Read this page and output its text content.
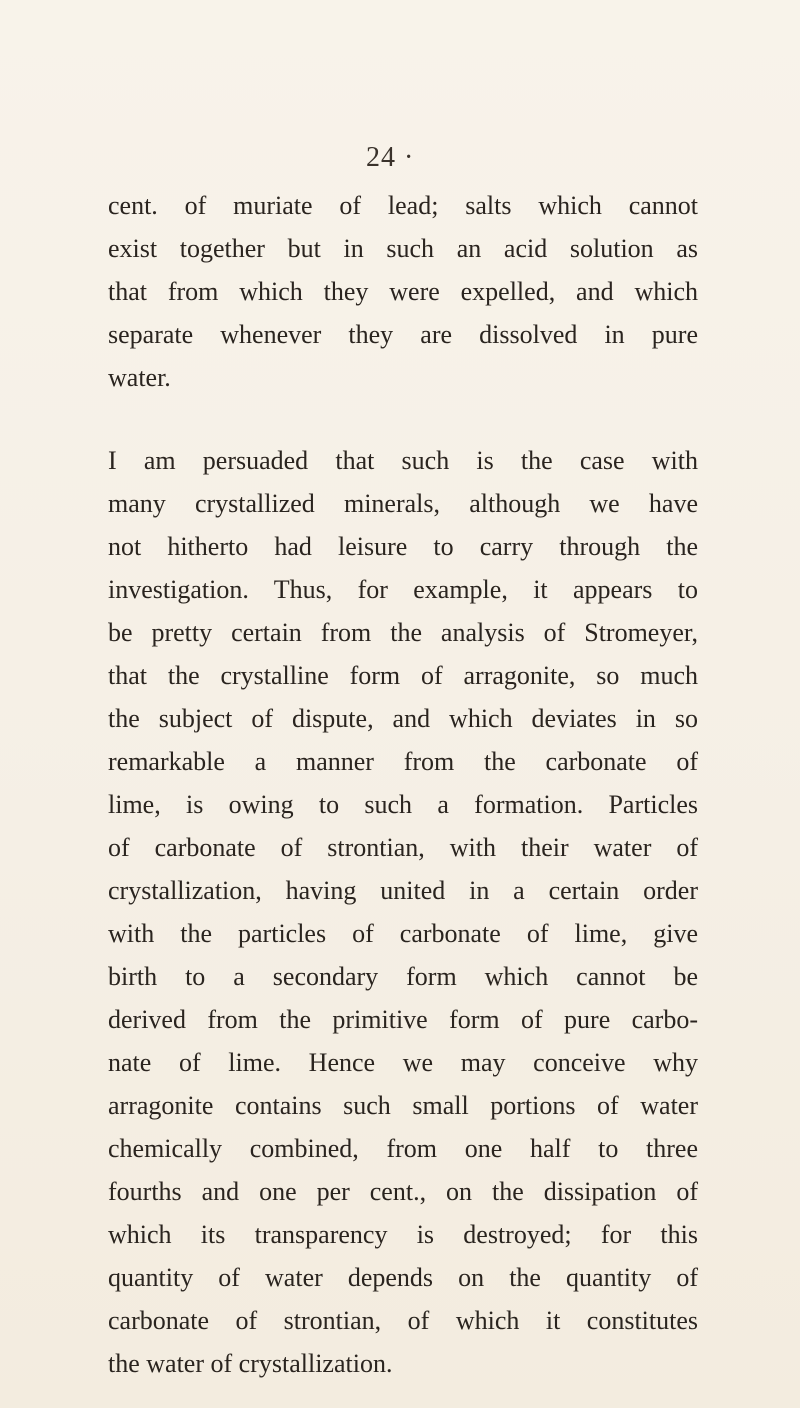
24 ·
cent. of muriate of lead; salts which cannot
exist together but in such an acid solution as
that from which they were expelled, and which
separate whenever they are dissolved in pure
water.
I am persuaded that such is the case with
many crystallized minerals, although we have
not hitherto had leisure to carry through the
investigation. Thus, for example, it appears to
be pretty certain from the analysis of Stromeyer,
that the crystalline form of arragonite, so much
the subject of dispute, and which deviates in so
remarkable a manner from the carbonate of
lime, is owing to such a formation. Particles
of carbonate of strontian, with their water of
crystallization, having united in a certain order
with the particles of carbonate of lime, give
birth to a secondary form which cannot be
derived from the primitive form of pure carbo-
nate of lime. Hence we may conceive why
arragonite contains such small portions of water
chemically combined, from one half to three
fourths and one per cent., on the dissipation of
which its transparency is destroyed; for this
quantity of water depends on the quantity of
carbonate of strontian, of which it constitutes
the water of crystallization.
